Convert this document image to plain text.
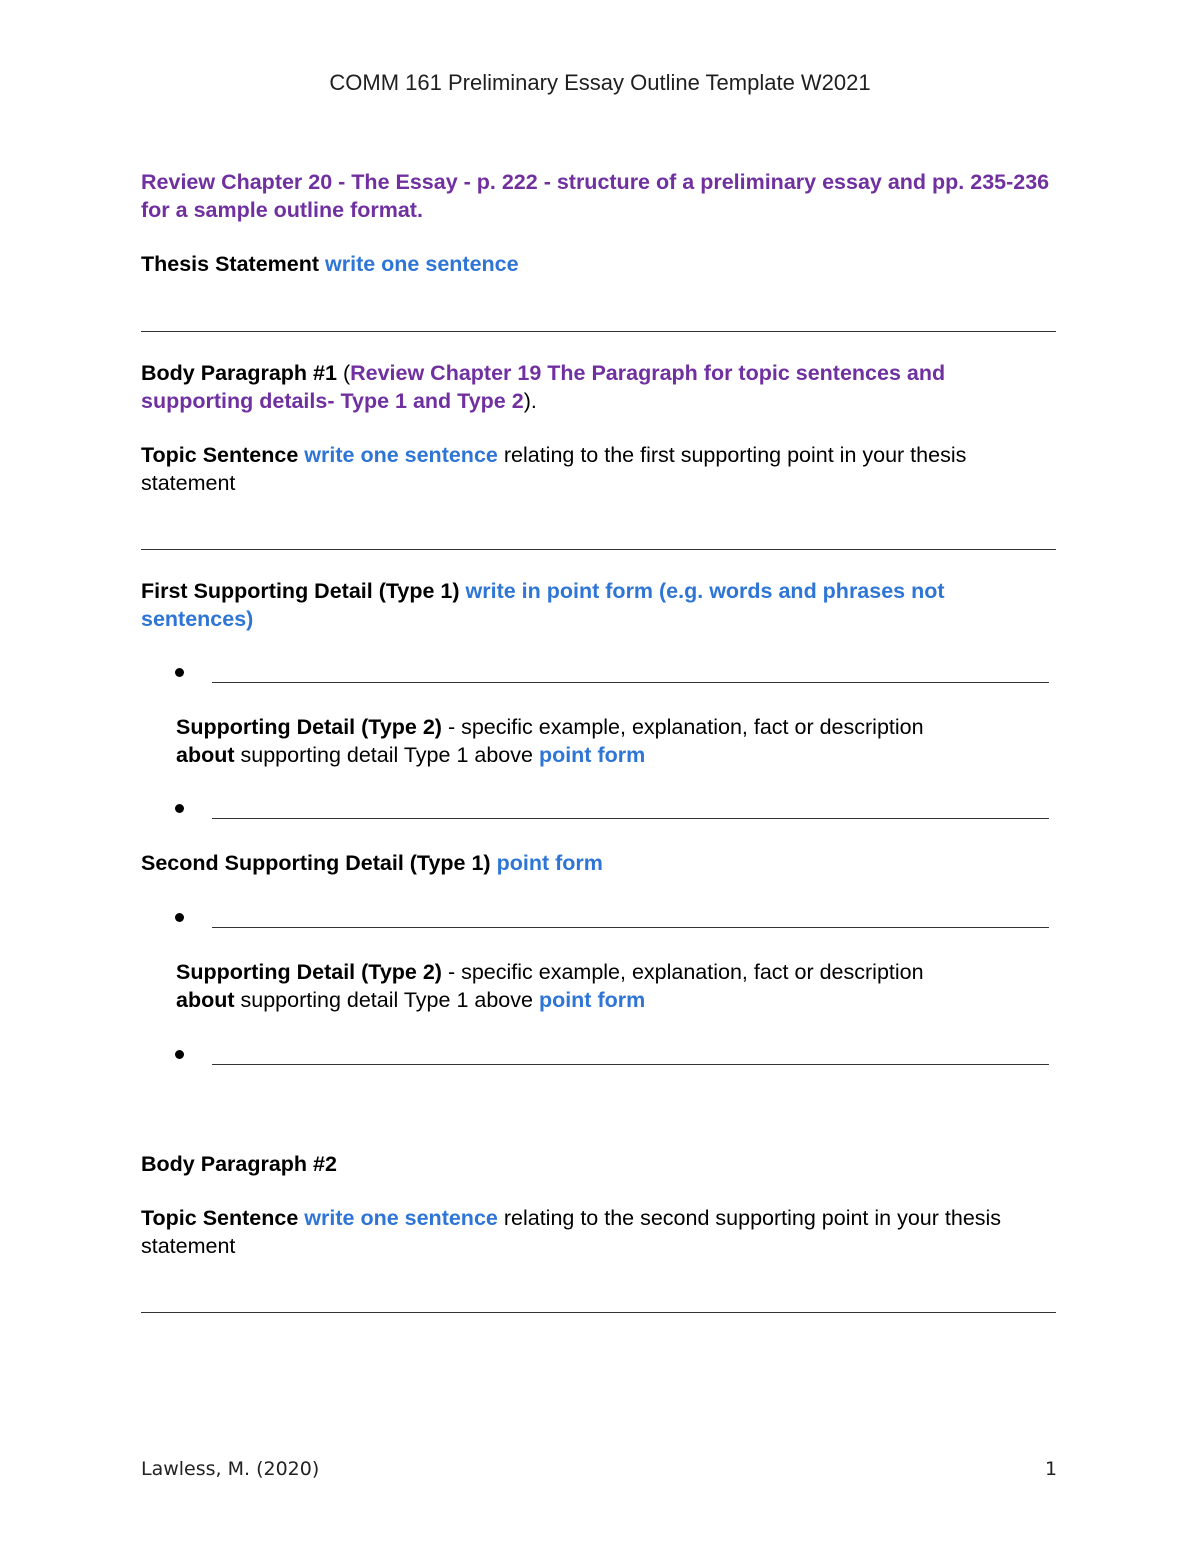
COMM 161 Preliminary Essay Outline Template W2021
Review Chapter 20 - The Essay - p. 222 - structure of a preliminary essay and pp. 235-236 for a sample outline format.
Thesis Statement write one sentence
Body Paragraph #1 (Review Chapter 19 The Paragraph for topic sentences and supporting details- Type 1 and Type 2).
Topic Sentence write one sentence relating to the first supporting point in your thesis statement
First Supporting Detail (Type 1) write in point form (e.g. words and phrases not sentences)
Supporting Detail (Type 2) - specific example, explanation, fact or description
about supporting detail Type 1 above point form
Second Supporting Detail (Type 1) point form
Supporting Detail (Type 2) - specific example, explanation, fact or description
about supporting detail Type 1 above point form
Body Paragraph #2
Topic Sentence write one sentence relating to the second supporting point in your thesis statement
Lawless, M. (2020)	1
